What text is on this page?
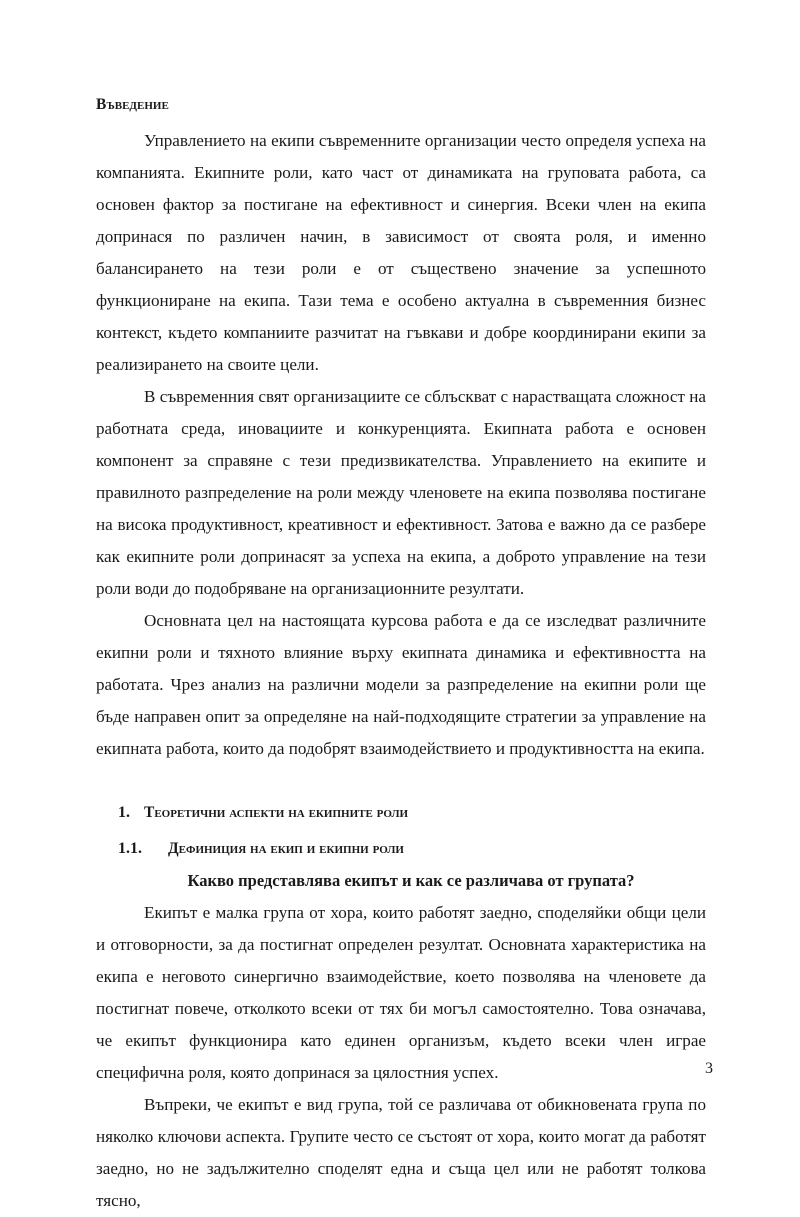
Въведение

Управлението на екипи съвременните организации често определя успеха на компанията. Екипните роли, като част от динамиката на груповата работа, са основен фактор за постигане на ефективност и синергия. Всеки член на екипа допринася по различен начин, в зависимост от своята роля, и именно балансирането на тези роли е от съществено значение за успешното функциониране на екипа. Тази тема е особено актуална в съвременния бизнес контекст, където компаниите разчитат на гъвкави и добре координирани екипи за реализирането на своите цели.

В съвременния свят организациите се сблъскват с нарастващата сложност на работната среда, иновациите и конкуренцията. Екипната работа е основен компонент за справяне с тези предизвикателства. Управлението на екипите и правилното разпределение на роли между членовете на екипа позволява постигане на висока продуктивност, креативност и ефективност. Затова е важно да се разбере как екипните роли допринасят за успеха на екипа, а доброто управление на тези роли води до подобряване на организационните резултати.

Основната цел на настоящата курсова работа е да се изследват различните екипни роли и тяхното влияние върху екипната динамика и ефективността на работата. Чрез анализ на различни модели за разпределение на екипни роли ще бъде направен опит за определяне на най-подходящите стратегии за управление на екипната работа, които да подобрят взаимодействието и продуктивността на екипа.

1. Теоретични аспекти на екипните роли
1.1.	Дефиниция на екип и екипни роли
Какво представлява екипът и как се различава от групата?

Екипът е малка група от хора, които работят заедно, споделяйки общи цели и отговорности, за да постигнат определен резултат. Основната характеристика на екипа е неговото синергично взаимодействие, което позволява на членовете да постигнат повече, отколкото всеки от тях би могъл самостоятелно. Това означава, че екипът функционира като единен организъм, където всеки член играе специфична роля, която допринася за цялостния успех.

Въпреки, че екипът е вид група, той се различава от обикновената група по няколко ключови аспекта. Групите често се състоят от хора, които могат да работят заедно, но не задължително споделят една и съща цел или не работят толкова тясно,

3
